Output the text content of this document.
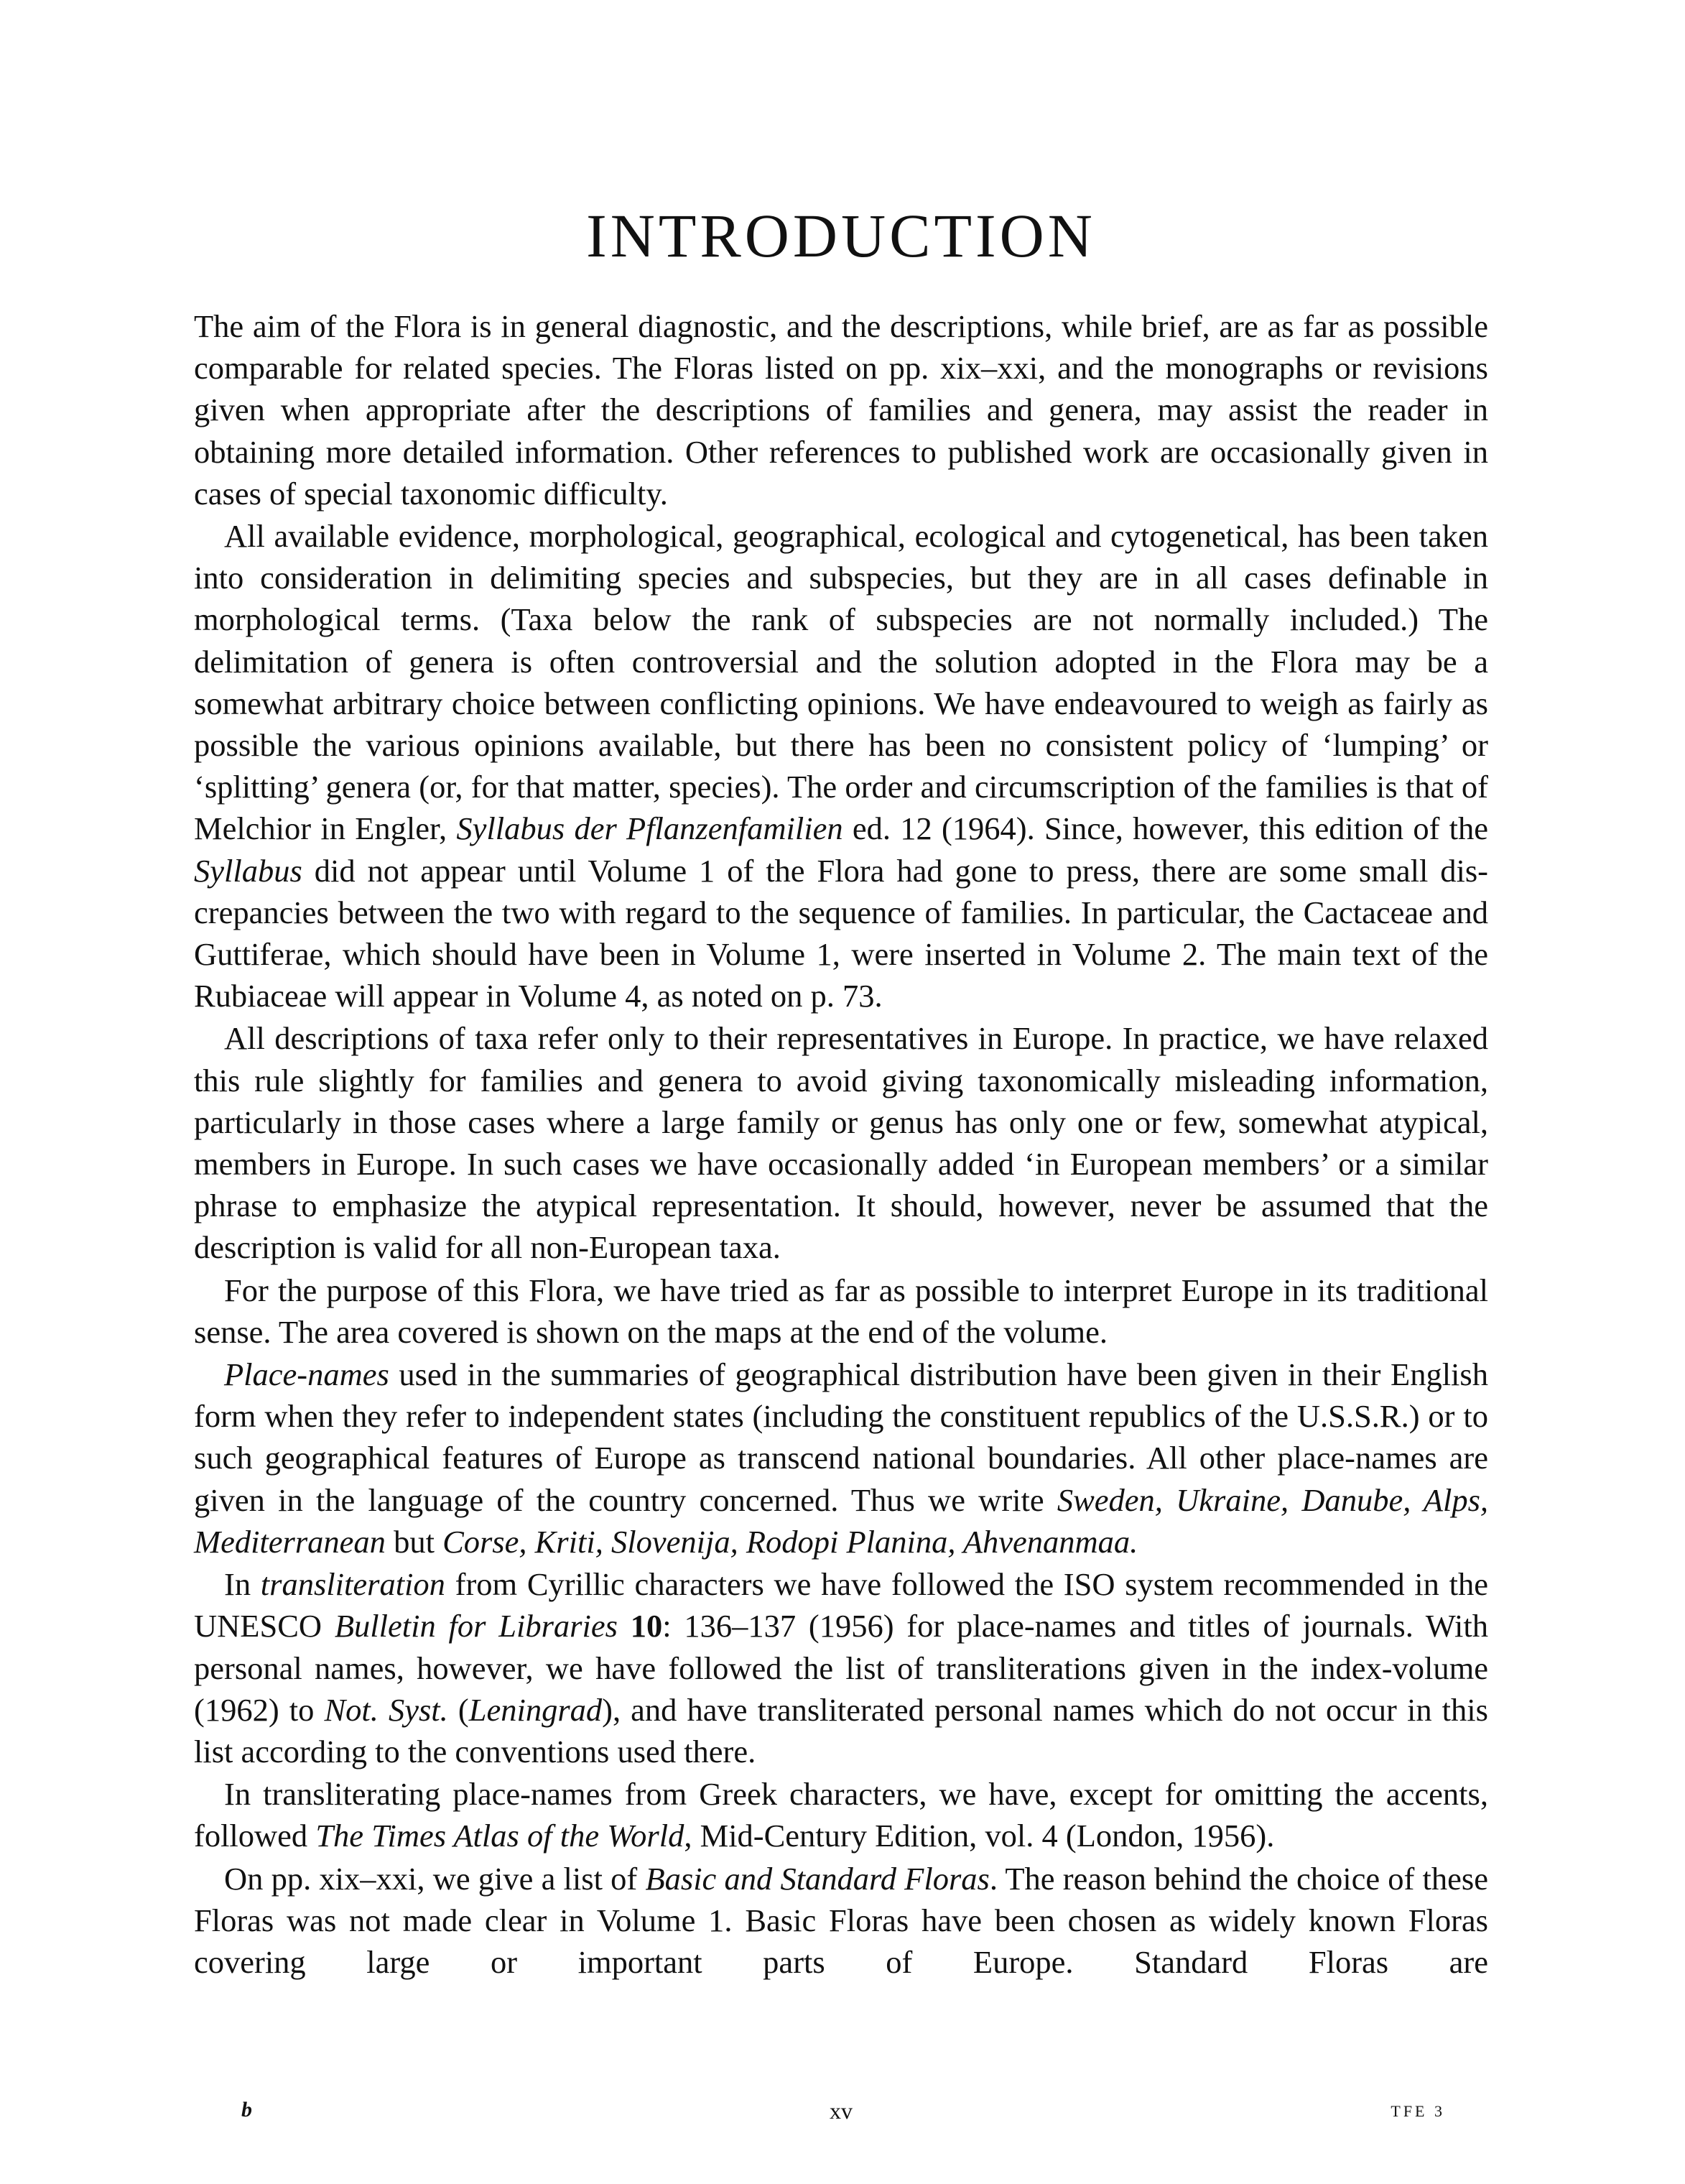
INTRODUCTION

The aim of the Flora is in general diagnostic, and the descriptions, while brief, are as far as possible comparable for related species. The Floras listed on pp. xix–xxi, and the monographs or revisions given when appropriate after the descriptions of families and genera, may assist the reader in obtaining more detailed information. Other references to published work are occasionally given in cases of special taxonomic difficulty.

All available evidence, morphological, geographical, ecological and cytogenetical, has been taken into consideration in delimiting species and subspecies, but they are in all cases definable in morphological terms. (Taxa below the rank of subspecies are not normally included.) The delimitation of genera is often controversial and the solution adopted in the Flora may be a somewhat arbitrary choice between conflicting opinions. We have endeavoured to weigh as fairly as possible the various opinions available, but there has been no consistent policy of ‘lumping’ or ‘splitting’ genera (or, for that matter, species). The order and circumscription of the families is that of Melchior in Engler, Syllabus der Pflanzenfamilien ed. 12 (1964). Since, however, this edition of the Syllabus did not appear until Volume 1 of the Flora had gone to press, there are some small discrepancies between the two with regard to the sequence of families. In particular, the Cactaceae and Guttiferae, which should have been in Volume 1, were inserted in Volume 2. The main text of the Rubiaceae will appear in Volume 4, as noted on p. 73.

All descriptions of taxa refer only to their representatives in Europe. In practice, we have relaxed this rule slightly for families and genera to avoid giving taxonomically misleading information, particularly in those cases where a large family or genus has only one or few, somewhat atypical, members in Europe. In such cases we have occasionally added ‘in European members’ or a similar phrase to emphasize the atypical representation. It should, however, never be assumed that the description is valid for all non-European taxa.

For the purpose of this Flora, we have tried as far as possible to interpret Europe in its traditional sense. The area covered is shown on the maps at the end of the volume.

Place-names used in the summaries of geographical distribution have been given in their English form when they refer to independent states (including the constituent republics of the U.S.S.R.) or to such geographical features of Europe as transcend national boundaries. All other place-names are given in the language of the country concerned. Thus we write Sweden, Ukraine, Danube, Alps, Mediterranean but Corse, Kriti, Slovenija, Rodopi Planina, Ahvenanmaa.

In transliteration from Cyrillic characters we have followed the ISO system recommended in the UNESCO Bulletin for Libraries 10: 136–137 (1956) for place-names and titles of journals. With personal names, however, we have followed the list of transliterations given in the index-volume (1962) to Not. Syst. (Leningrad), and have transliterated personal names which do not occur in this list according to the conventions used there.

In transliterating place-names from Greek characters, we have, except for omitting the accents, followed The Times Atlas of the World, Mid-Century Edition, vol. 4 (London, 1956).

On pp. xix–xxi, we give a list of Basic and Standard Floras. The reason behind the choice of these Floras was not made clear in Volume 1. Basic Floras have been chosen as widely known Floras covering large or important parts of Europe. Standard Floras are

b	xv	TFE 3
